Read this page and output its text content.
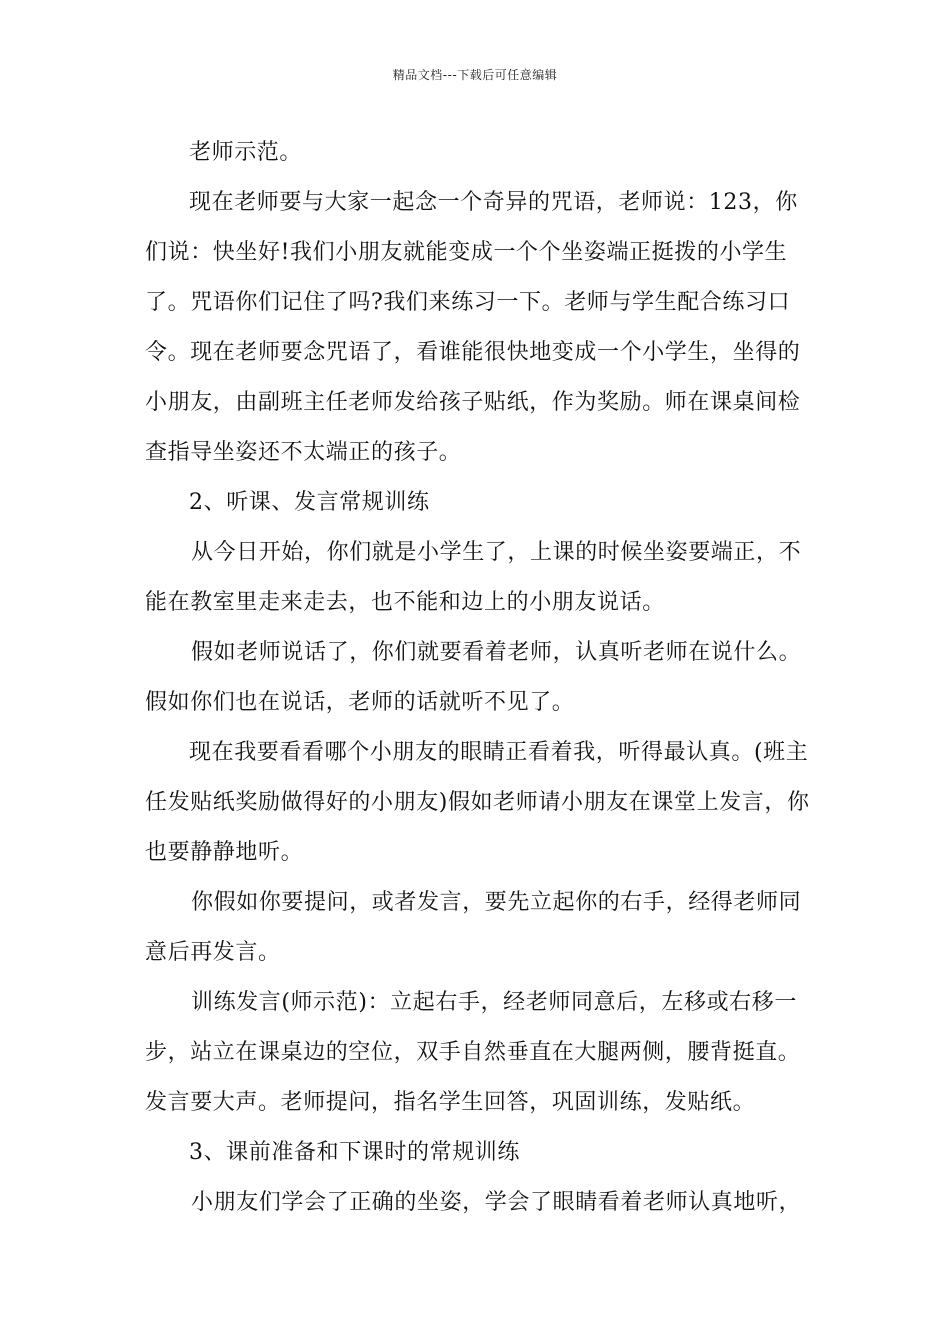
精品文档---下载后可任意编辑

老师示范。

现在老师要与大家一起念一个奇异的咒语，老师说：123，你们说：快坐好!我们小朋友就能变成一个个坐姿端正挺拨的小学生了。咒语你们记住了吗?我们来练习一下。老师与学生配合练习口令。现在老师要念咒语了，看谁能很快地变成一个小学生，坐得的小朋友，由副班主任老师发给孩子贴纸，作为奖励。师在课桌间检查指导坐姿还不太端正的孩子。

2、听课、发言常规训练

从今日开始，你们就是小学生了，上课的时候坐姿要端正，不能在教室里走来走去，也不能和边上的小朋友说话。

假如老师说话了，你们就要看着老师，认真听老师在说什么。假如你们也在说话，老师的话就听不见了。

现在我要看看哪个小朋友的眼睛正看着我，听得最认真。(班主任发贴纸奖励做得好的小朋友)假如老师请小朋友在课堂上发言，你也要静静地听。

你假如你要提问，或者发言，要先立起你的右手，经得老师同意后再发言。

训练发言(师示范)：立起右手，经老师同意后，左移或右移一步，站立在课桌边的空位，双手自然垂直在大腿两侧，腰背挺直。发言要大声。老师提问，指名学生回答，巩固训练，发贴纸。

3、课前准备和下课时的常规训练

小朋友们学会了正确的坐姿，学会了眼睛看着老师认真地听，
